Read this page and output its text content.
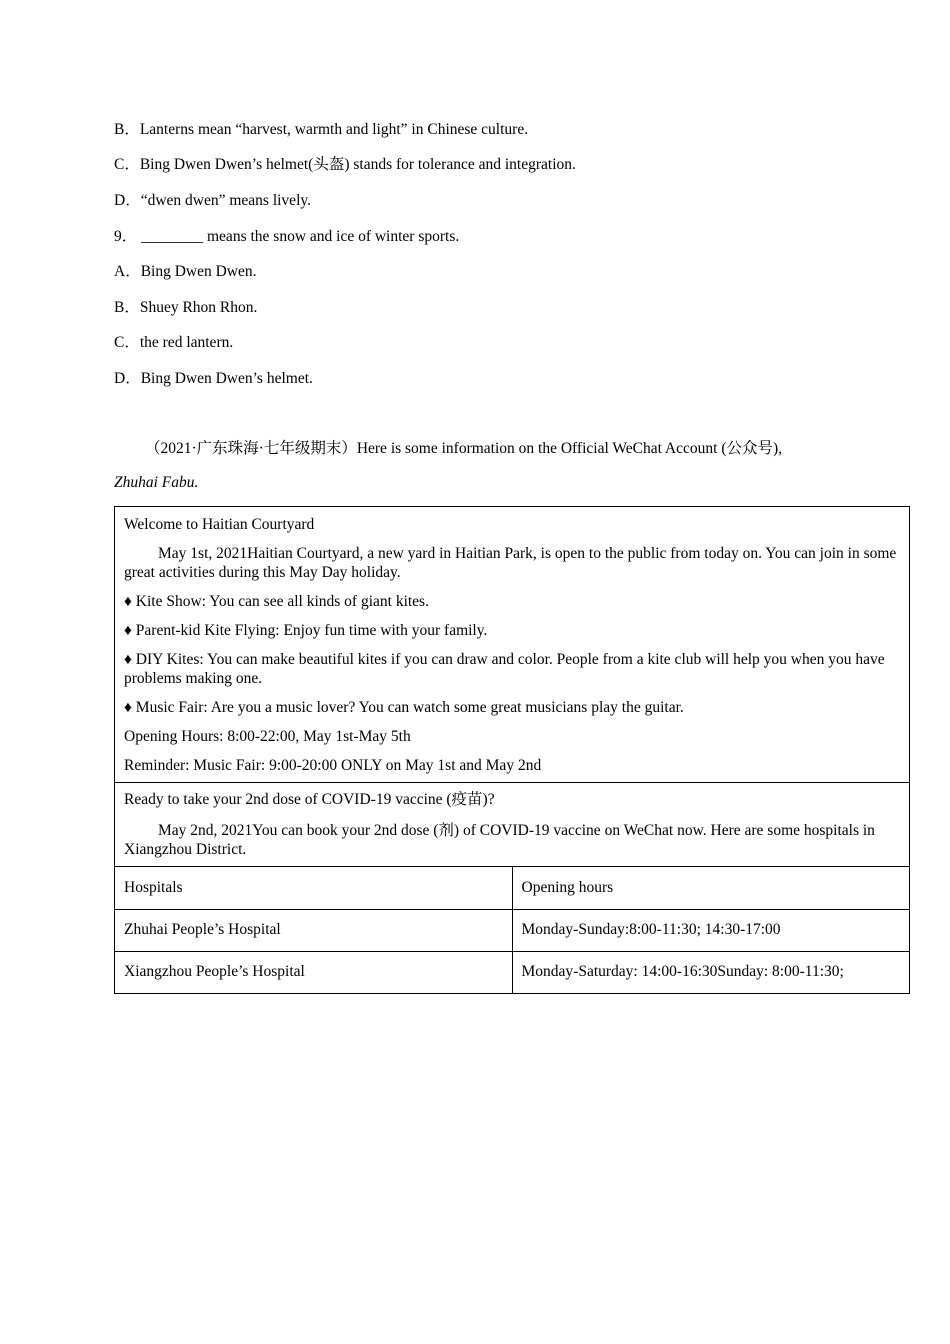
B．Lanterns mean “harvest, warmth and light” in Chinese culture.
C．Bing Dwen Dwen’s helmet(头盔) stands for tolerance and integration.
D．“dwen dwen” means lively.
9． ________ means the snow and ice of winter sports.
A．Bing Dwen Dwen.
B．Shuey Rhon Rhon.
C．the red lantern.
D．Bing Dwen Dwen’s helmet.
（2021·广东珠海·七年级期末）Here is some information on the Official WeChat Account (公众号),
Zhuhai Fabu.

Welcome to Haitian Courtyard

May 1st, 2021Haitian Courtyard, a new yard in Haitian Park, is open to the public from today on. You can join in some great activities during this May Day holiday.

♦ Kite Show: You can see all kinds of giant kites.

♦ Parent-kid Kite Flying: Enjoy fun time with your family.

♦ DIY Kites: You can make beautiful kites if you can draw and color. People from a kite club will help you when you have problems making one.

♦ Music Fair: Are you a music lover? You can watch some great musicians play the guitar.

Opening Hours: 8:00-22:00, May 1st-May 5th

Reminder: Music Fair: 9:00-20:00 ONLY on May 1st and May 2nd

Ready to take your 2nd dose of COVID-19 vaccine (疫苗)?

May 2nd, 2021You can book your 2nd dose (剂) of COVID-19 vaccine on WeChat now. Here are some hospitals in Xiangzhou District.

Hospitals	Opening hours
Zhuhai People’s Hospital	Monday-Sunday:8:00-11:30; 14:30-17:00
Xiangzhou People’s Hospital	Monday-Saturday: 14:00-16:30Sunday: 8:00-11:30;
